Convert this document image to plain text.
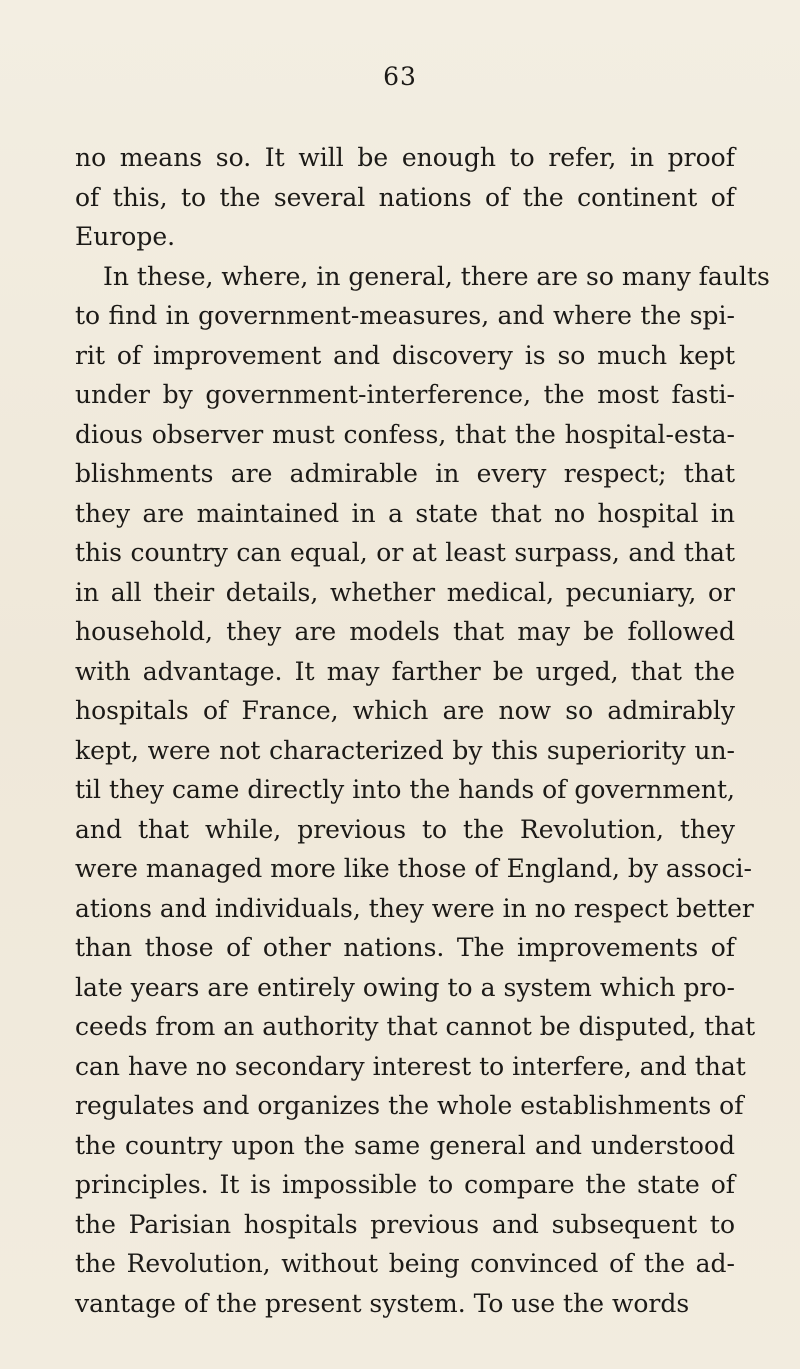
63
no means so. It will be enough to refer, in proof
of this, to the several nations of the continent of
Europe.
In these, where, in general, there are so many faults
to find in government-measures, and where the spi-
rit of improvement and discovery is so much kept
under by government-interference, the most fasti-
dious observer must confess, that the hospital-esta-
blishments are admirable in every respect; that
they are maintained in a state that no hospital in
this country can equal, or at least surpass, and that
in all their details, whether medical, pecuniary, or
household, they are models that may be followed
with advantage. It may farther be urged, that the
hospitals of France, which are now so admirably
kept, were not characterized by this superiority un-
til they came directly into the hands of government,
and that while, previous to the Revolution, they
were managed more like those of England, by associ-
ations and individuals, they were in no respect better
than those of other nations. The improvements of
late years are entirely owing to a system which pro-
ceeds from an authority that cannot be disputed, that
can have no secondary interest to interfere, and that
regulates and organizes the whole establishments of
the country upon the same general and understood
principles. It is impossible to compare the state of
the Parisian hospitals previous and subsequent to
the Revolution, without being convinced of the ad-
vantage of the present system. To use the words
